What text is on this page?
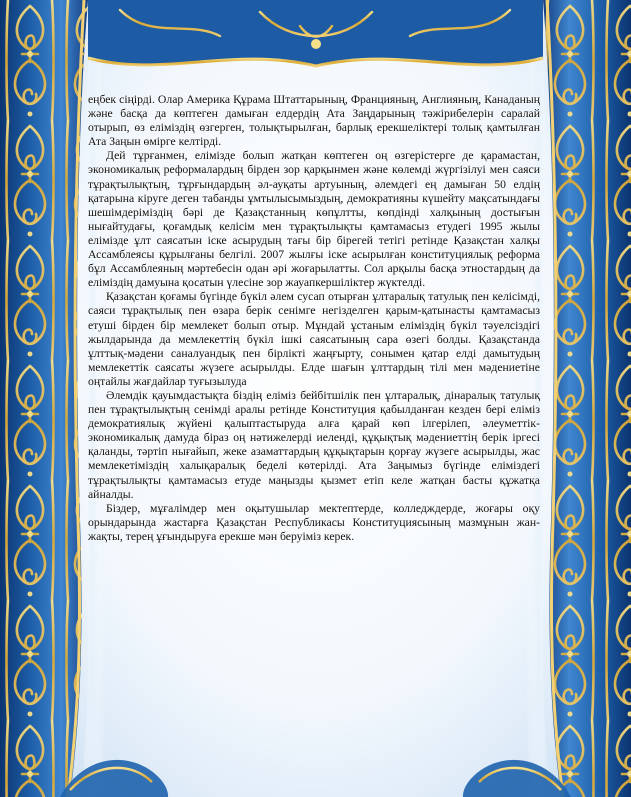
еңбек сіңірді. Олар Америка Құрама Штаттарының, Францияның, Англияның, Канаданың және басқа да көптеген дамыған елдердің Ата Заңдарының тәжірибелерін саралай отырып, өз еліміздің өзгерген, толықтырылған, барлық ерекшеліктері толық қамтылған Ата Заңын өмірге келтірді.

Дей тұрғанмен, елімізде болып жатқан көптеген оң өзгерістерге де қарамастан, экономикалық реформалардың бірден зор қарқынмен және көлемді жүргізілуі мен саяси тұрақтылықтың, тұрғындардың әл-ауқаты артуының, әлемдегі ең дамыған 50 елдің қатарына кіруге деген табанды ұмтылысымыздың, демократияны күшейту мақсатындағы шешімдеріміздің бәрі де Қазақстанның көпұлтты, көпдінді халқының достығын нығайтудағы, қоғамдық келісім мен тұрақтылықты қамтамасыз етудегі 1995 жылы елімізде ұлт саясатын іске асырудың тағы бір бірегей тетігі ретінде Қазақстан халқы Ассамблеясы құрылғаны белгілі. 2007 жылғы іске асырылған конституциялық реформа бұл Ассамблеяның мәртебесін одан әрі жоғарылатты. Сол арқылы басқа этностардың да еліміздің дамуына қосатын үлесіне зор жауапкершіліктер жүктелді.

Қазақстан қоғамы бүгінде бүкіл әлем сусап отырған ұлтаралық татулық пен келісімді, саяси тұрақтылық пен өзара берік сенімге негізделген қарым-қатынасты қамтамасыз етуші бірден бір мемлекет болып отыр. Мұндай ұстаным еліміздің бүкіл тәуелсіздігі жылдарында да мемлекеттің бүкіл ішкі саясатының сара өзегі болды. Қазақстанда ұлттық-мәдени саналуандық пен бірлікті жаңғырту, сонымен қатар елді дамытудың мемлекеттік саясаты жүзеге асырылды. Елде шағын ұлттардың тілі мен мәдениетіне оңтайлы жағдайлар туғызылуда

Әлемдік қауымдастықта біздің еліміз бейбітшілік пен ұлтаралық, дінаралық татулық пен тұрақтылықтың сенімді аралы ретінде Конституция қабылданған кезден бері еліміз демократиялық жүйені қалыптастыруда алға қарай көп ілгерілеп, әлеуметтік-экономикалық дамуда біраз оң нәтижелерді иеленді, құқықтық мәдениеттің берік іргесі қаланды, тәртіп нығайып, жеке азаматтардың құқықтарын қорғау жүзеге асырылды, жас мемлекетіміздің халықаралық беделі көтерілді. Ата Заңымыз бүгінде еліміздегі тұрақтылықты қамтамасыз етуде маңызды қызмет етіп келе жатқан басты құжатқа айналды.

Біздер, мұғалімдер мен оқытушылар мектептерде, колледждерде, жоғары оқу орындарында жастарға Қазақстан Республикасы Конституциясының мазмұнын жан-жақты, терең ұғындыруға ерекше мән беруіміз керек.
